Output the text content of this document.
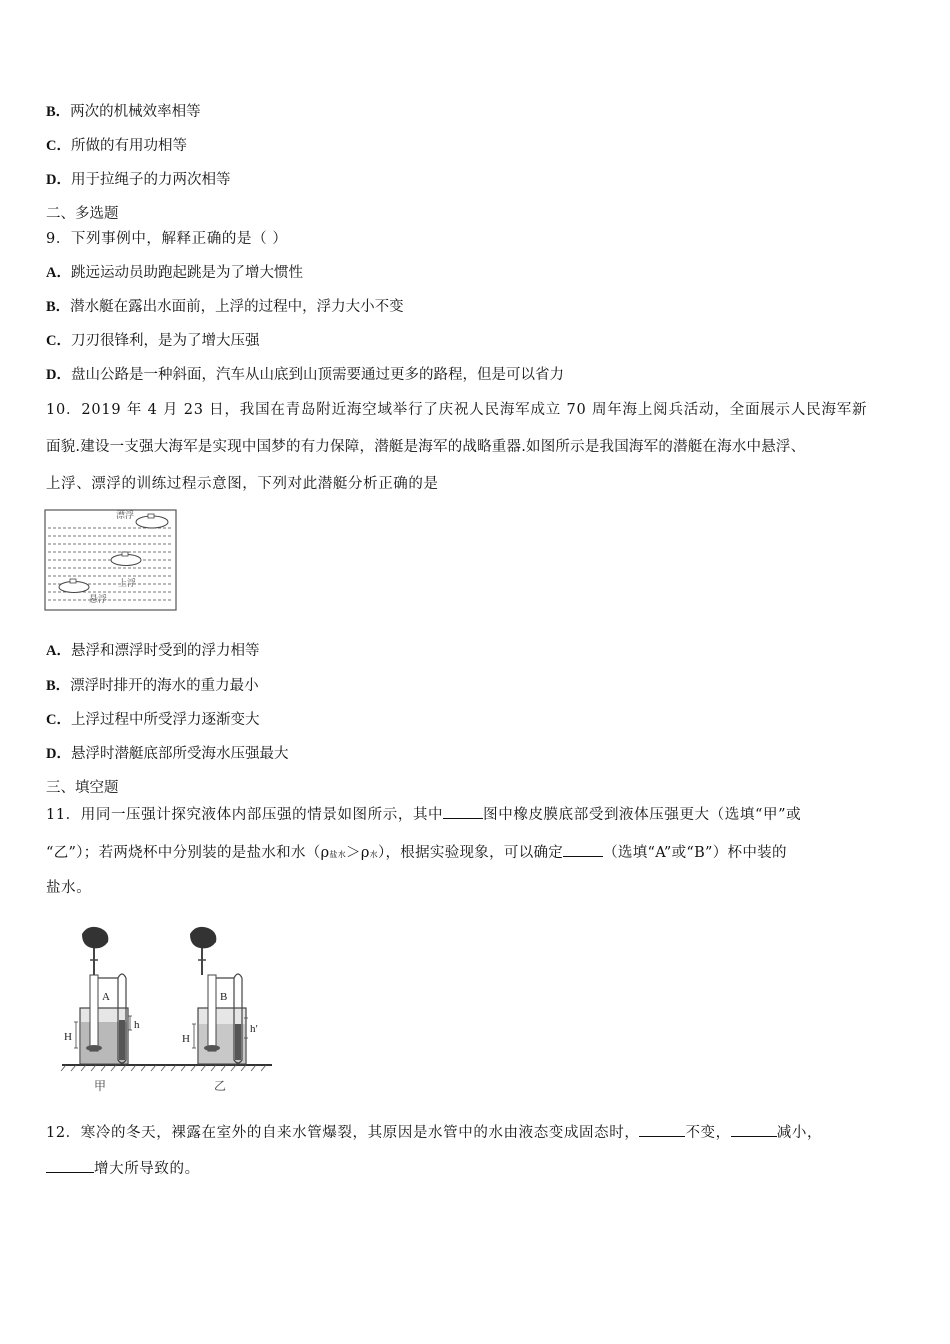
B．两次的机械效率相等
C．所做的有用功相等
D．用于拉绳子的力两次相等
二、多选题
9．下列事例中，解释正确的是（ ）
A．跳远运动员助跑起跳是为了增大惯性
B．潜水艇在露出水面前，上浮的过程中，浮力大小不变
C．刀刃很锋利，是为了增大压强
D．盘山公路是一种斜面，汽车从山底到山顶需要通过更多的路程，但是可以省力
10．2019 年 4 月 23 日，我国在青岛附近海空域举行了庆祝人民海军成立 70 周年海上阅兵活动，全面展示人民海军新
面貌.建设一支强大海军是实现中国梦的有力保障，潜艇是海军的战略重器.如图所示是我国海军的潜艇在海水中悬浮、
上浮、漂浮的训练过程示意图，下列对此潜艇分析正确的是
漂浮
上浮
悬浮
A．悬浮和漂浮时受到的浮力相等
B．漂浮时排开的海水的重力最小
C．上浮过程中所受浮力逐渐变大
D．悬浮时潜艇底部所受海水压强最大
三、填空题
11．用同一压强计探究液体内部压强的情景如图所示，其中	图中橡皮膜底部受到液体压强更大（选填“甲”或
“乙”）；若两烧杯中分别装的是盐水和水（ρ盐水＞ρ水），根据实验现象，可以确定	（选填“A”或“B”）杯中装的
盐水。
A	B
h	h′
H	H
甲	乙
12．寒冷的冬天，裸露在室外的自来水管爆裂，其原因是水管中的水由液态变成固态时，	不变，	减小，
增大所导致的。
